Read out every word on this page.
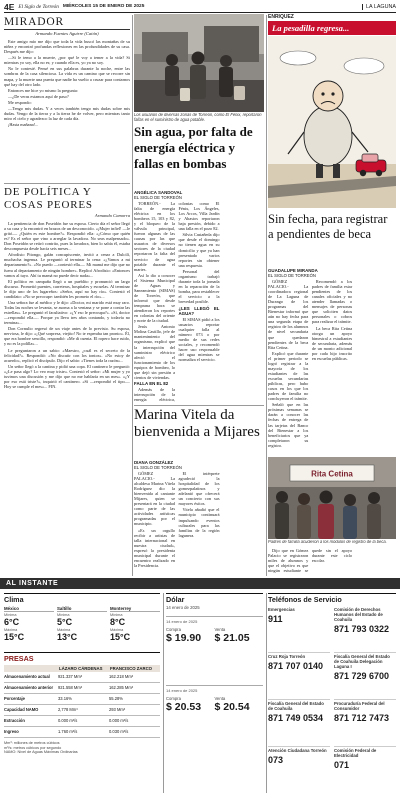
4E El Siglo de Torreón MIÉRCOLES 15 DE ENERO DE 2025	LA LAGUNA
MIRADOR
Armando Fuentes Aguirre (Catón)

Este amigo mío me dijo que toda la vida buscó las montañas de su niñez y encontró profundas reflexiones en las profundidades de su casa. Después me dijo:

—Si le temo a la muerte, ¿por qué le voy a temer a la vida? Si mientras yo soy, ella no es; y cuando ella es, yo ya no soy.

No le contesté. Pensé en sus palabras durante la noche, entre las sombras de la casa silenciosa. La vida es un camino que se recorre sin mapa, y la muerte una puerta que nadie ha vuelto a cruzar para contarnos qué hay del otro lado.

Entonces me hice yo mismo la pregunta:

—¿De veras estamos aquí de paso?

Me respondo:

—Tengo mis dudas. Y a veces también tengo mis dudas sobre mis dudas. Vengo de la tierra y a la tierra he de volver, pero mientras tanto miro el cielo y agradezco la luz de cada día.

¡Hasta mañana!...

DE POLÍTICA Y COSAS PEORES
Armando Camorra

La penitencia de don Poseidón fue su esposa. Cierto día el señor llegó a su casa y la encontró en brazos de un desconocido. «¡Mujer infiel! —le gritó—. ¿Quién es este hombre?». Respondió ella: «¿Cómo que quién es? Es el señor que vino a arreglar la lavadora. No seas malpensado». Don Poseidón se retiró contrito, pues la lavadora, bien lo sabía él, estaba descompuesta desde hacía seis meses...

Afrodisio Pitongo, galán concupiscente, invitó a cenar a Dulcilí, muchacha ingenua. Le preguntó al terminar la cena: «¿Vamos a mi departamento?». «No puedo —contestó ella—. Mi mamá me dijo que no fuera al departamento de ningún hombre». Replicó Afrodisio: «Entonces vamos al tuyo. Ahí tu mamá no puede decir nada»...

El político en campaña llegó a un pueblito y pronunció un largo discurso. Prometió puentes, carreteras, hospitales y escuelas. Al terminar le dijo uno de los lugareños: «Señor, aquí no hay río». Contestó el candidato: «No se preocupe: también les prometo el río»...

Una señora fue al médico y le dijo: «Doctor, mi marido está muy raro. Todas las noches se levanta, se asoma a la ventana y se pone a contar las estrellas». Le preguntó el facultativo: «¿Y eso le preocupa?». «Sí, doctor —respondió ella—. Porque ya lleva tres años contando, y todavía no termina»...

Don Cornulio regresó de un viaje antes de lo previsto. Su esposa, nerviosa, le dijo: «¡Qué sorpresa, viejito! No te esperaba tan pronto». Él, que era hombre sencillo, respondió: «Me di cuenta. El ropero hace ruido, y no es la polilla»...

Le preguntaron a un sabio: «Maestro, ¿cuál es el secreto de la felicidad?». Respondió: «No discutir con los tontos». «No estoy de acuerdo», replicó el discípulo. Dijo el sabio: «Tienes toda la razón»...

Un señor llegó a la cantina y pidió una copa. El cantinero le preguntó: «¿Le pasa algo? Lo veo muy triste». Contestó el señor: «Mi mujer y yo tuvimos una discusión y me dijo que no me hablaría en un mes». «¿Y por eso está triste?», inquirió el cantinero. «Sí —respondió el tipo—. Hoy se cumple el mes»... FIN.

Los usuarios de diversas zonas de Torreón, como El Fénix, reportaron fallas en el suministro de agua potable.
Sin agua, por falta de energía eléctrica y fallas en bombas
ANGÉLICA SANDOVAL
EL SIGLO DE TORREÓN

TORREÓN.- La falta de energía eléctrica en los bombeos 15, 103 y 82, y el bloqueo de la válvula principal, fueron algunas de las causas por las que usuarios de diversos sectores de la ciudad reportaron la falta del servicio de agua potable durante el martes.

Así lo dio a conocer el Sistema Municipal de Aguas y Saneamiento (SIMAS) de Torreón, que informó que desde temprana hora se atendieron los reportes en colonias del oriente y norte de la ciudad.

Jesús Antonio Molina Castillo, jefe de mantenimiento del organismo, explicó que la interrupción del suministro eléctrico afectó el funcionamiento de los equipos de bombeo, lo que dejó sin presión a cientos de viviendas.

FALLA EN EL 82

Además de la interrupción de la energía eléctrica, colonias como El Fénix, Los Ángeles, Los Arcos, Villa Jardín y Abastos reportaron baja presión, debido a una falla en el pozo 82.

Silvia Castañeda dijo que desde el domingo no tienen agua en su domicilio y que ya han presentado varios reportes sin obtener una respuesta.

Personal del organismo trabajó durante toda la jornada en la reparación de la bomba, para restablecer el servicio a la brevedad posible.

¿LES LLEGÓ EL AGUA?

El SIMAS pidió a los usuarios reportar cualquier falla al número 073 o por medio de sus redes sociales, y recomendó hacer uso responsable del agua mientras se normaliza el servicio.

Marina Vitela da bienvenida a Mijares
DIANA GONZÁLEZ
EL SIGLO DE TORREÓN

GÓMEZ PALACIO.- La alcaldesa Marina Vitela Rodríguez dio la bienvenida al cantante Mijares, quien se presentará en la ciudad como parte de las actividades artísticas programadas por el municipio.

«Es un orgullo recibir a artistas de talla internacional en nuestra ciudad», expresó la presidenta municipal durante el encuentro realizado en la Presidencia.

El intérprete agradeció la hospitalidad de los gomezpalatinos y adelantó que ofrecerá un concierto con sus mayores éxitos.

Vitela añadió que el municipio continuará impulsando eventos culturales para las familias de la región lagunera.

ENRIQUEZ
La pesadilla regresa...
Sin fecha, para registrar a pendientes de beca
GUADALUPE MIRANDA
EL SIGLO DE TORREÓN

GÓMEZ PALACIO.- La coordinadora regional de La Laguna de Durango de los programas del Bienestar informó que aún no hay fecha para una segunda etapa de registro de los alumnos de nivel secundaria que quedaron pendientes de la beca Rita Cetina.

Explicó que durante el primer periodo se logró registrar a la mayoría de los estudiantes de las escuelas secundarias públicas, pero hubo casos en los que los padres de familia no concluyeron el trámite.

Señaló que en las próximas semanas se darán a conocer las fechas de entrega de las tarjetas del Banco del Bienestar a los beneficiarios que ya completaron su registro.

Recomendó a los padres de familia estar pendientes de los canales oficiales y no atender llamadas o mensajes de personas que soliciten datos personales o cobros para realizar el trámite.

La beca Rita Cetina otorga un apoyo bimestral a estudiantes de secundaria, además de un monto adicional por cada hijo inscrito en escuelas públicas.

Rita Cetina
Padres de familia acudieron a los módulos de registro de la beca.

Dijo que en Gómez Palacio se registraron miles de alumnos y que el objetivo es que ningún estudiante se quede sin el apoyo durante este ciclo escolar.

AL INSTANTE
Clima
México
Mínima
6°C
Máxima
15°C
Saltillo
Mínima
5°C
Máxima
13°C
Monterrey
Mínima
8°C
Máxima
15°C
PRESAS
LÁZARO CÁRDENAS	FRANCISCO ZARCO
Almacenamiento actual	921.337 Mm³	162.218 Mm³
Almacenamiento anterior	921.558 Mm³	162.285 Mm³
Porcentaje	33.16%	55.28%
Capacidad NAMO	2,778 Mm³	293 Mm³
Extracción	0.000 m³/s	0.000 m³/s
Ingreso	1.760 m³/s	0.030 m³/s
Mm³: millones de metros cúbicos
m³/s: metros cúbicos por segundo
NAMO: Nivel de Aguas Máximas Ordinarias
Dólar
14 enero de 2025
14 enero de 2025
Compra	Venta
$ 19.90	$ 21.05
14 enero de 2025
Compra	Venta
$ 20.53	$ 20.54
Teléfonos de Servicio
Emergencias
911
Cruz Roja Torreón
871 707 0140
Fiscalía General del Estado de Coahuila
871 749 0534
Atención Ciudadana Torreón
073
Comisión de Derechos Humanos del Estado de Coahuila
871 793 0322
Fiscalía General del Estado de Coahuila Delegación Laguna I
871 729 6700
Procuraduría Federal del Consumidor
871 712 7473
Comisión Federal de Electricidad
071
